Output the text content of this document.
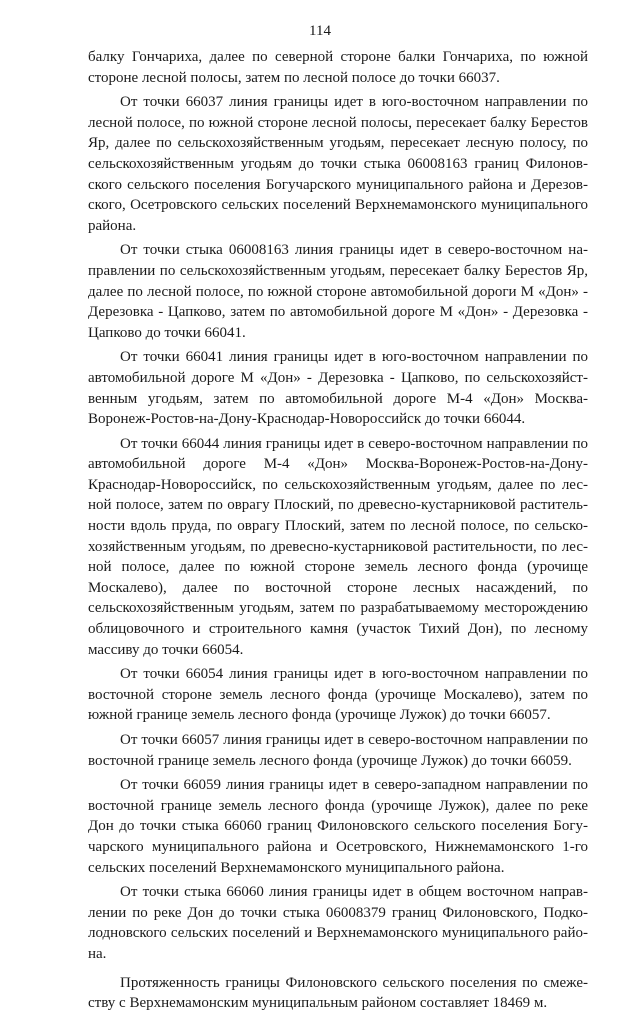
114

балку Гончариха, далее по северной стороне балки Гончариха, по южной стороне лесной полосы, затем по лесной полосе до точки 66037.

От точки 66037 линия границы идет в юго-восточном направлении по лесной полосе, по южной стороне лесной полосы, пересекает балку Берестов Яр, далее по сельскохозяйственным угодьям, пересекает лесную полосу, по сельскохозяйственным угодьям до точки стыка 06008163 границ Филоновского сельского поселения Богучарского муниципального района и Дерезовского, Осетровского сельских поселений Верхнемамонского муниципального района.

От точки стыка 06008163 линия границы идет в северо-восточном направлении по сельскохозяйственным угодьям, пересекает балку Берестов Яр, далее по лесной полосе, по южной стороне автомобильной дороги М «Дон» - Дерезовка - Цапково, затем по автомобильной дороге М «Дон» - Дерезовка - Цапково до точки 66041.

От точки 66041 линия границы идет в юго-восточном направлении по автомобильной дороге М «Дон» - Дерезовка - Цапково, по сельскохозяйственным угодьям, затем по автомобильной дороге М-4 «Дон» Москва-Воронеж-Ростов-на-Дону-Краснодар-Новороссийск до точки 66044.

От точки 66044 линия границы идет в северо-восточном направлении по автомобильной дороге М-4 «Дон» Москва-Воронеж-Ростов-на-Дону-Краснодар-Новороссийск, по сельскохозяйственным угодьям, далее по лесной полосе, затем по оврагу Плоский, по древесно-кустарниковой растительности вдоль пруда, по оврагу Плоский, затем по лесной полосе, по сельскохозяйственным угодьям, по древесно-кустарниковой растительности, по лесной полосе, далее по южной стороне земель лесного фонда (урочище Москалево), далее по восточной стороне лесных насаждений, по сельскохозяйственным угодьям, затем по разрабатываемому месторождению облицовочного и строительного камня (участок Тихий Дон), по лесному массиву до точки 66054.

От точки 66054 линия границы идет в юго-восточном направлении по восточной стороне земель лесного фонда (урочище Москалево), затем по южной границе земель лесного фонда (урочище Лужок) до точки 66057.

От точки 66057 линия границы идет в северо-восточном направлении по восточной границе земель лесного фонда (урочище Лужок) до точки 66059.

От точки 66059 линия границы идет в северо-западном направлении по восточной границе земель лесного фонда (урочище Лужок), далее по реке Дон до точки стыка 66060 границ Филоновского сельского поселения Богучарского муниципального района и Осетровского, Нижнемамонского 1-го сельских поселений Верхнемамонского муниципального района.

От точки стыка 66060 линия границы идет в общем восточном направлении по реке Дон до точки стыка 06008379 границ Филоновского, Подколодновского сельских поселений и Верхнемамонского муниципального района.

Протяженность границы Филоновского сельского поселения по смежеству с Верхнемамонским муниципальным районом составляет 18469 м.
